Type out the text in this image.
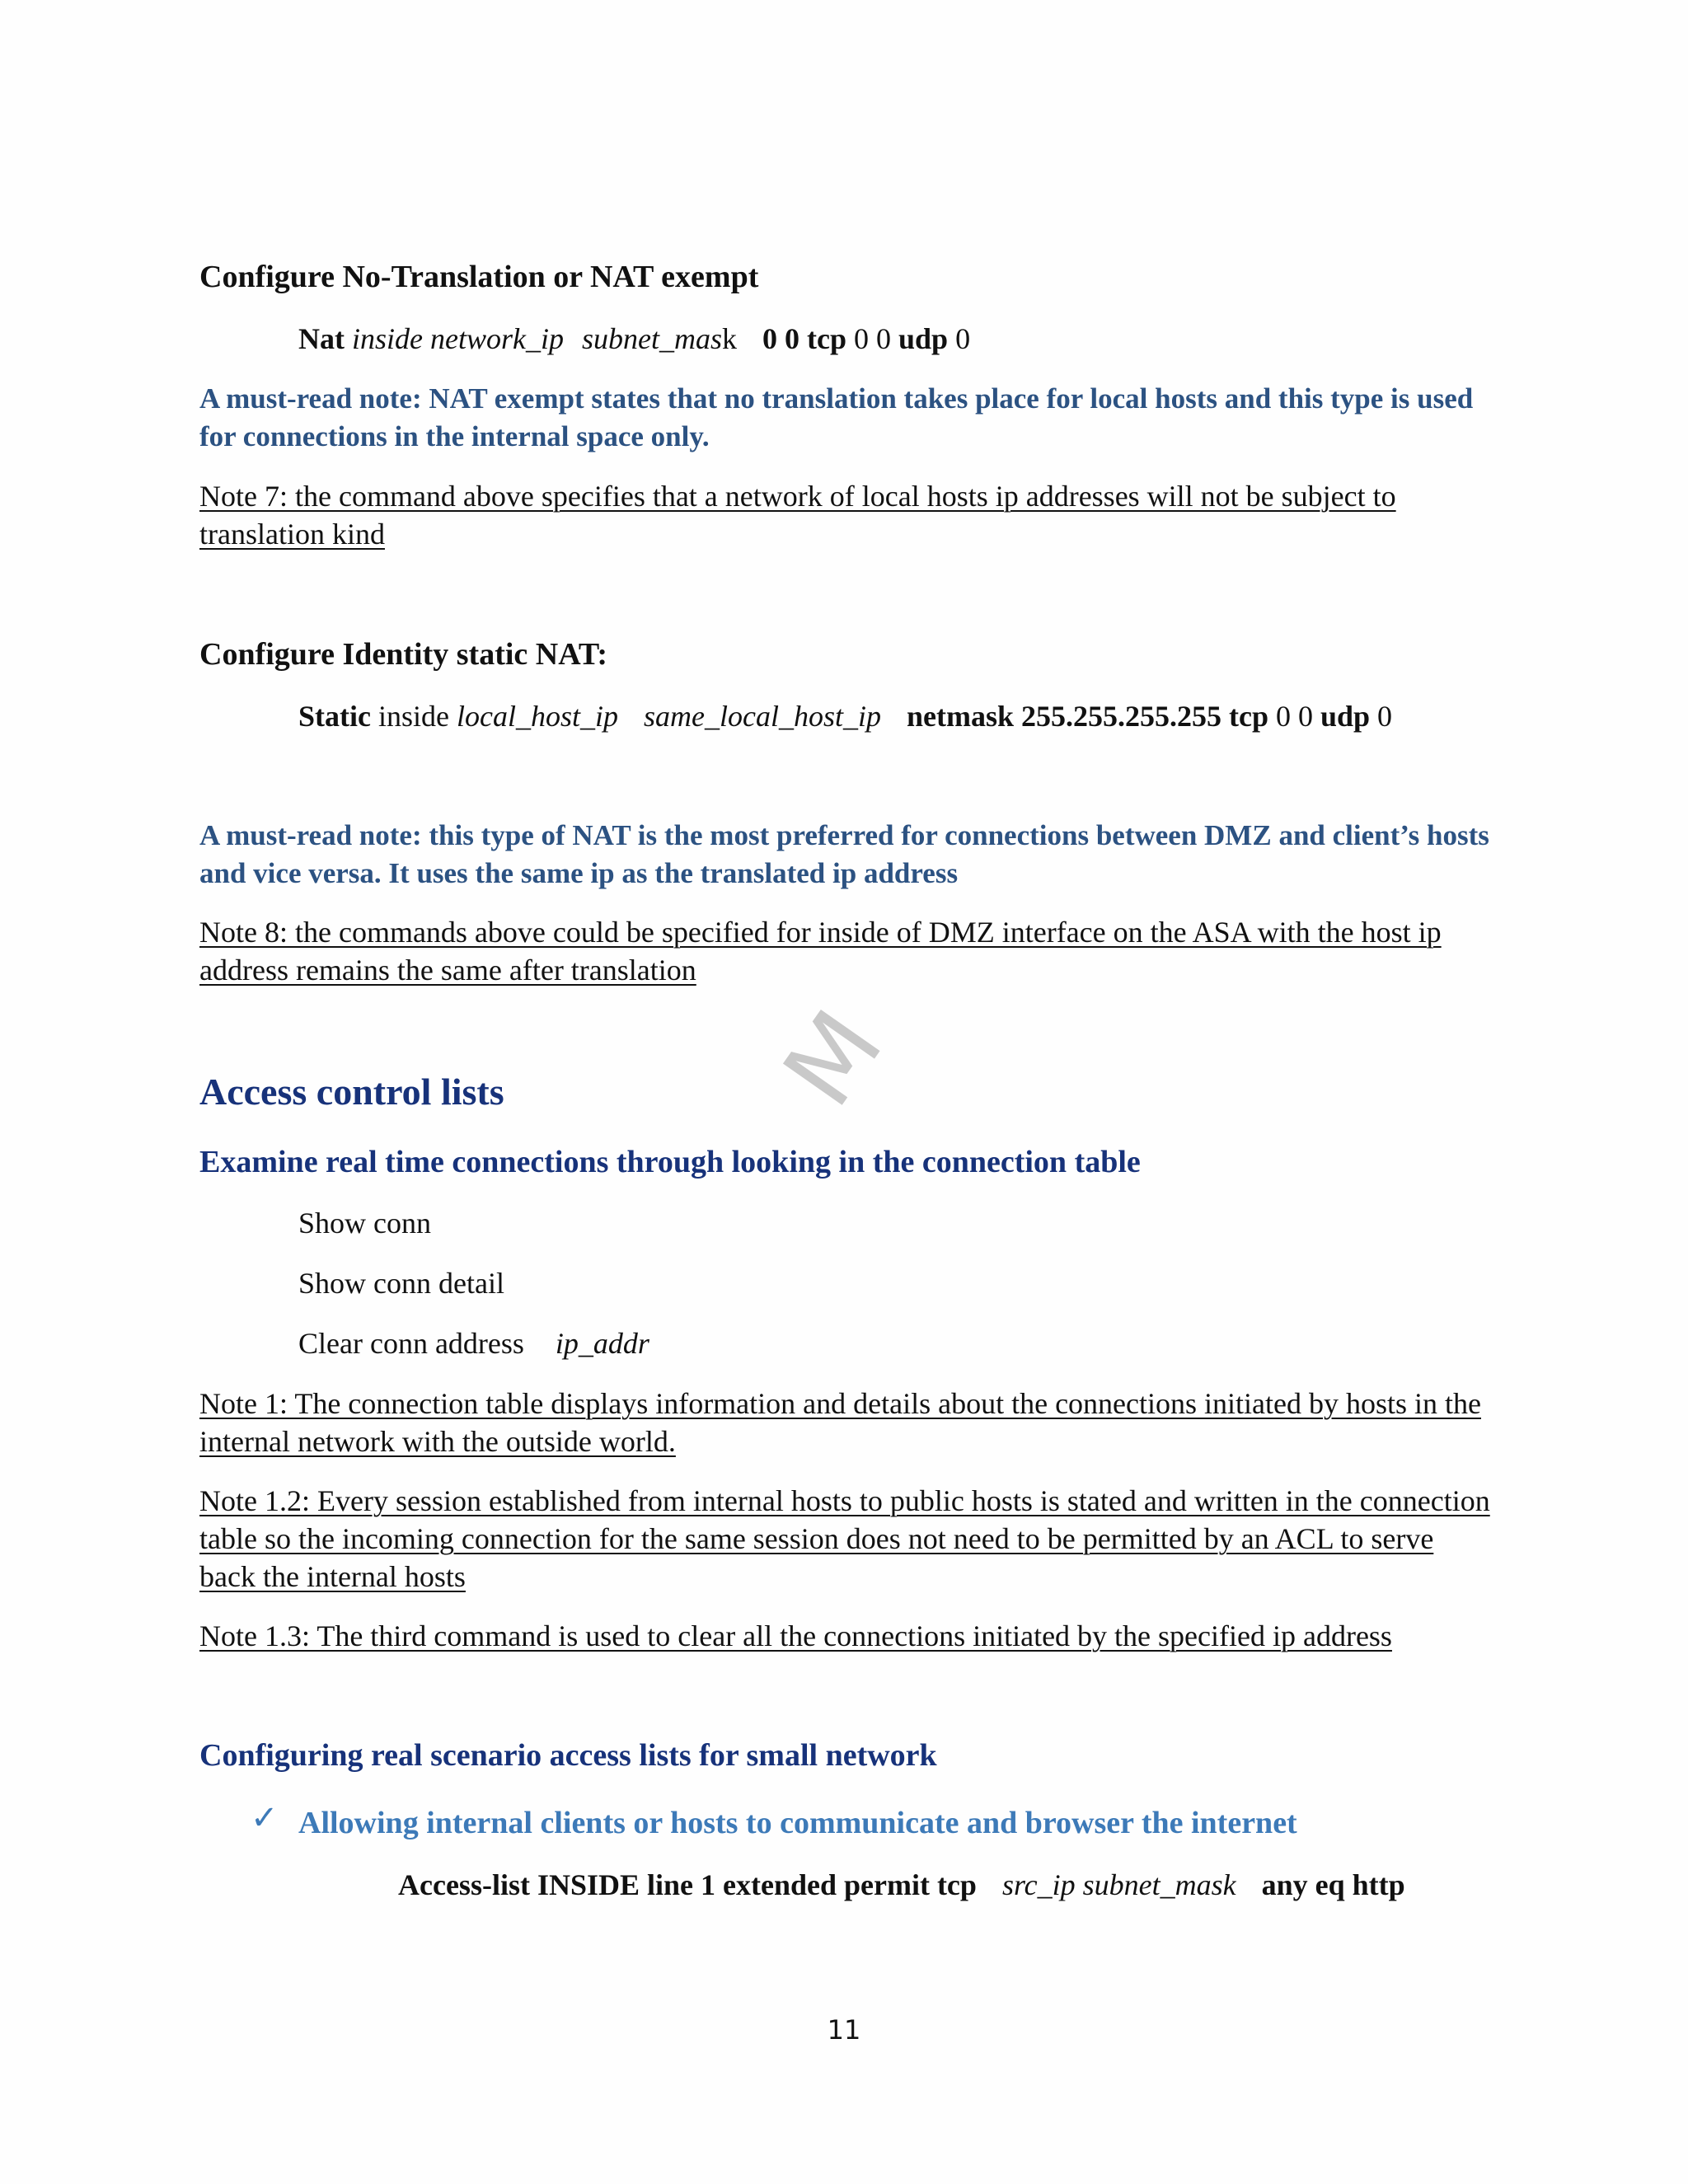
Configure No-Translation or NAT exempt

Nat inside network_ip subnet_mask 0 0 tcp 0 0 udp 0

A must-read note: NAT exempt states that no translation takes place for local hosts and this type is used for connections in the internal space only.

Note 7: the command above specifies that a network of local hosts ip addresses will not be subject to translation kind

Configure Identity static NAT:

Static inside local_host_ip same_local_host_ip netmask 255.255.255.255 tcp 0 0 udp 0

A must-read note: this type of NAT is the most preferred for connections between DMZ and client’s hosts and vice versa. It uses the same ip as the translated ip address

Note 8: the commands above could be specified for inside of DMZ interface on the ASA with the host ip address remains the same after translation

M

Access control lists

Examine real time connections through looking in the connection table

Show conn

Show conn detail

Clear conn address ip_addr

Note 1: The connection table displays information and details about the connections initiated by hosts in the internal network with the outside world.

Note 1.2: Every session established from internal hosts to public hosts is stated and written in the connection table so the incoming connection for the same session does not need to be permitted by an ACL to serve back the internal hosts

Note 1.3: The third command is used to clear all the connections initiated by the specified ip address

Configuring real scenario access lists for small network

✓ Allowing internal clients or hosts to communicate and browser the internet

Access-list INSIDE line 1 extended permit tcp src_ip subnet_mask any eq http

11
